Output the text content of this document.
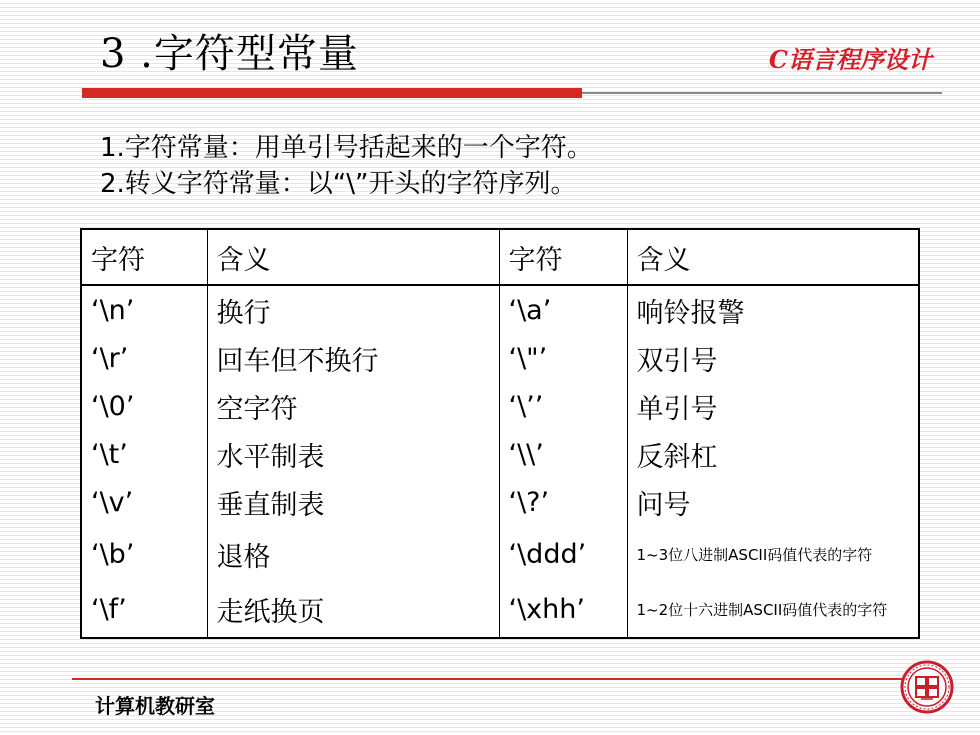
3 .字符型常量	C语言程序设计
1.字符常量：用单引号括起来的一个字符。
2.转义字符常量：以“\”开头的字符序列。
字符	含义	字符	含义
‘\n’	换行	‘\a’	响铃报警
‘\r’	回车但不换行	‘\"’	双引号
‘\0’	空字符	‘\’’	单引号
‘\t’	水平制表	‘\\’	反斜杠
‘\v’	垂直制表	‘\?’	问号
‘\b’	退格	‘\ddd’	1~3位八进制ASCII码值代表的字符
‘\f’	走纸换页	‘\xhh’	1~2位十六进制ASCII码值代表的字符
计算机教研室
